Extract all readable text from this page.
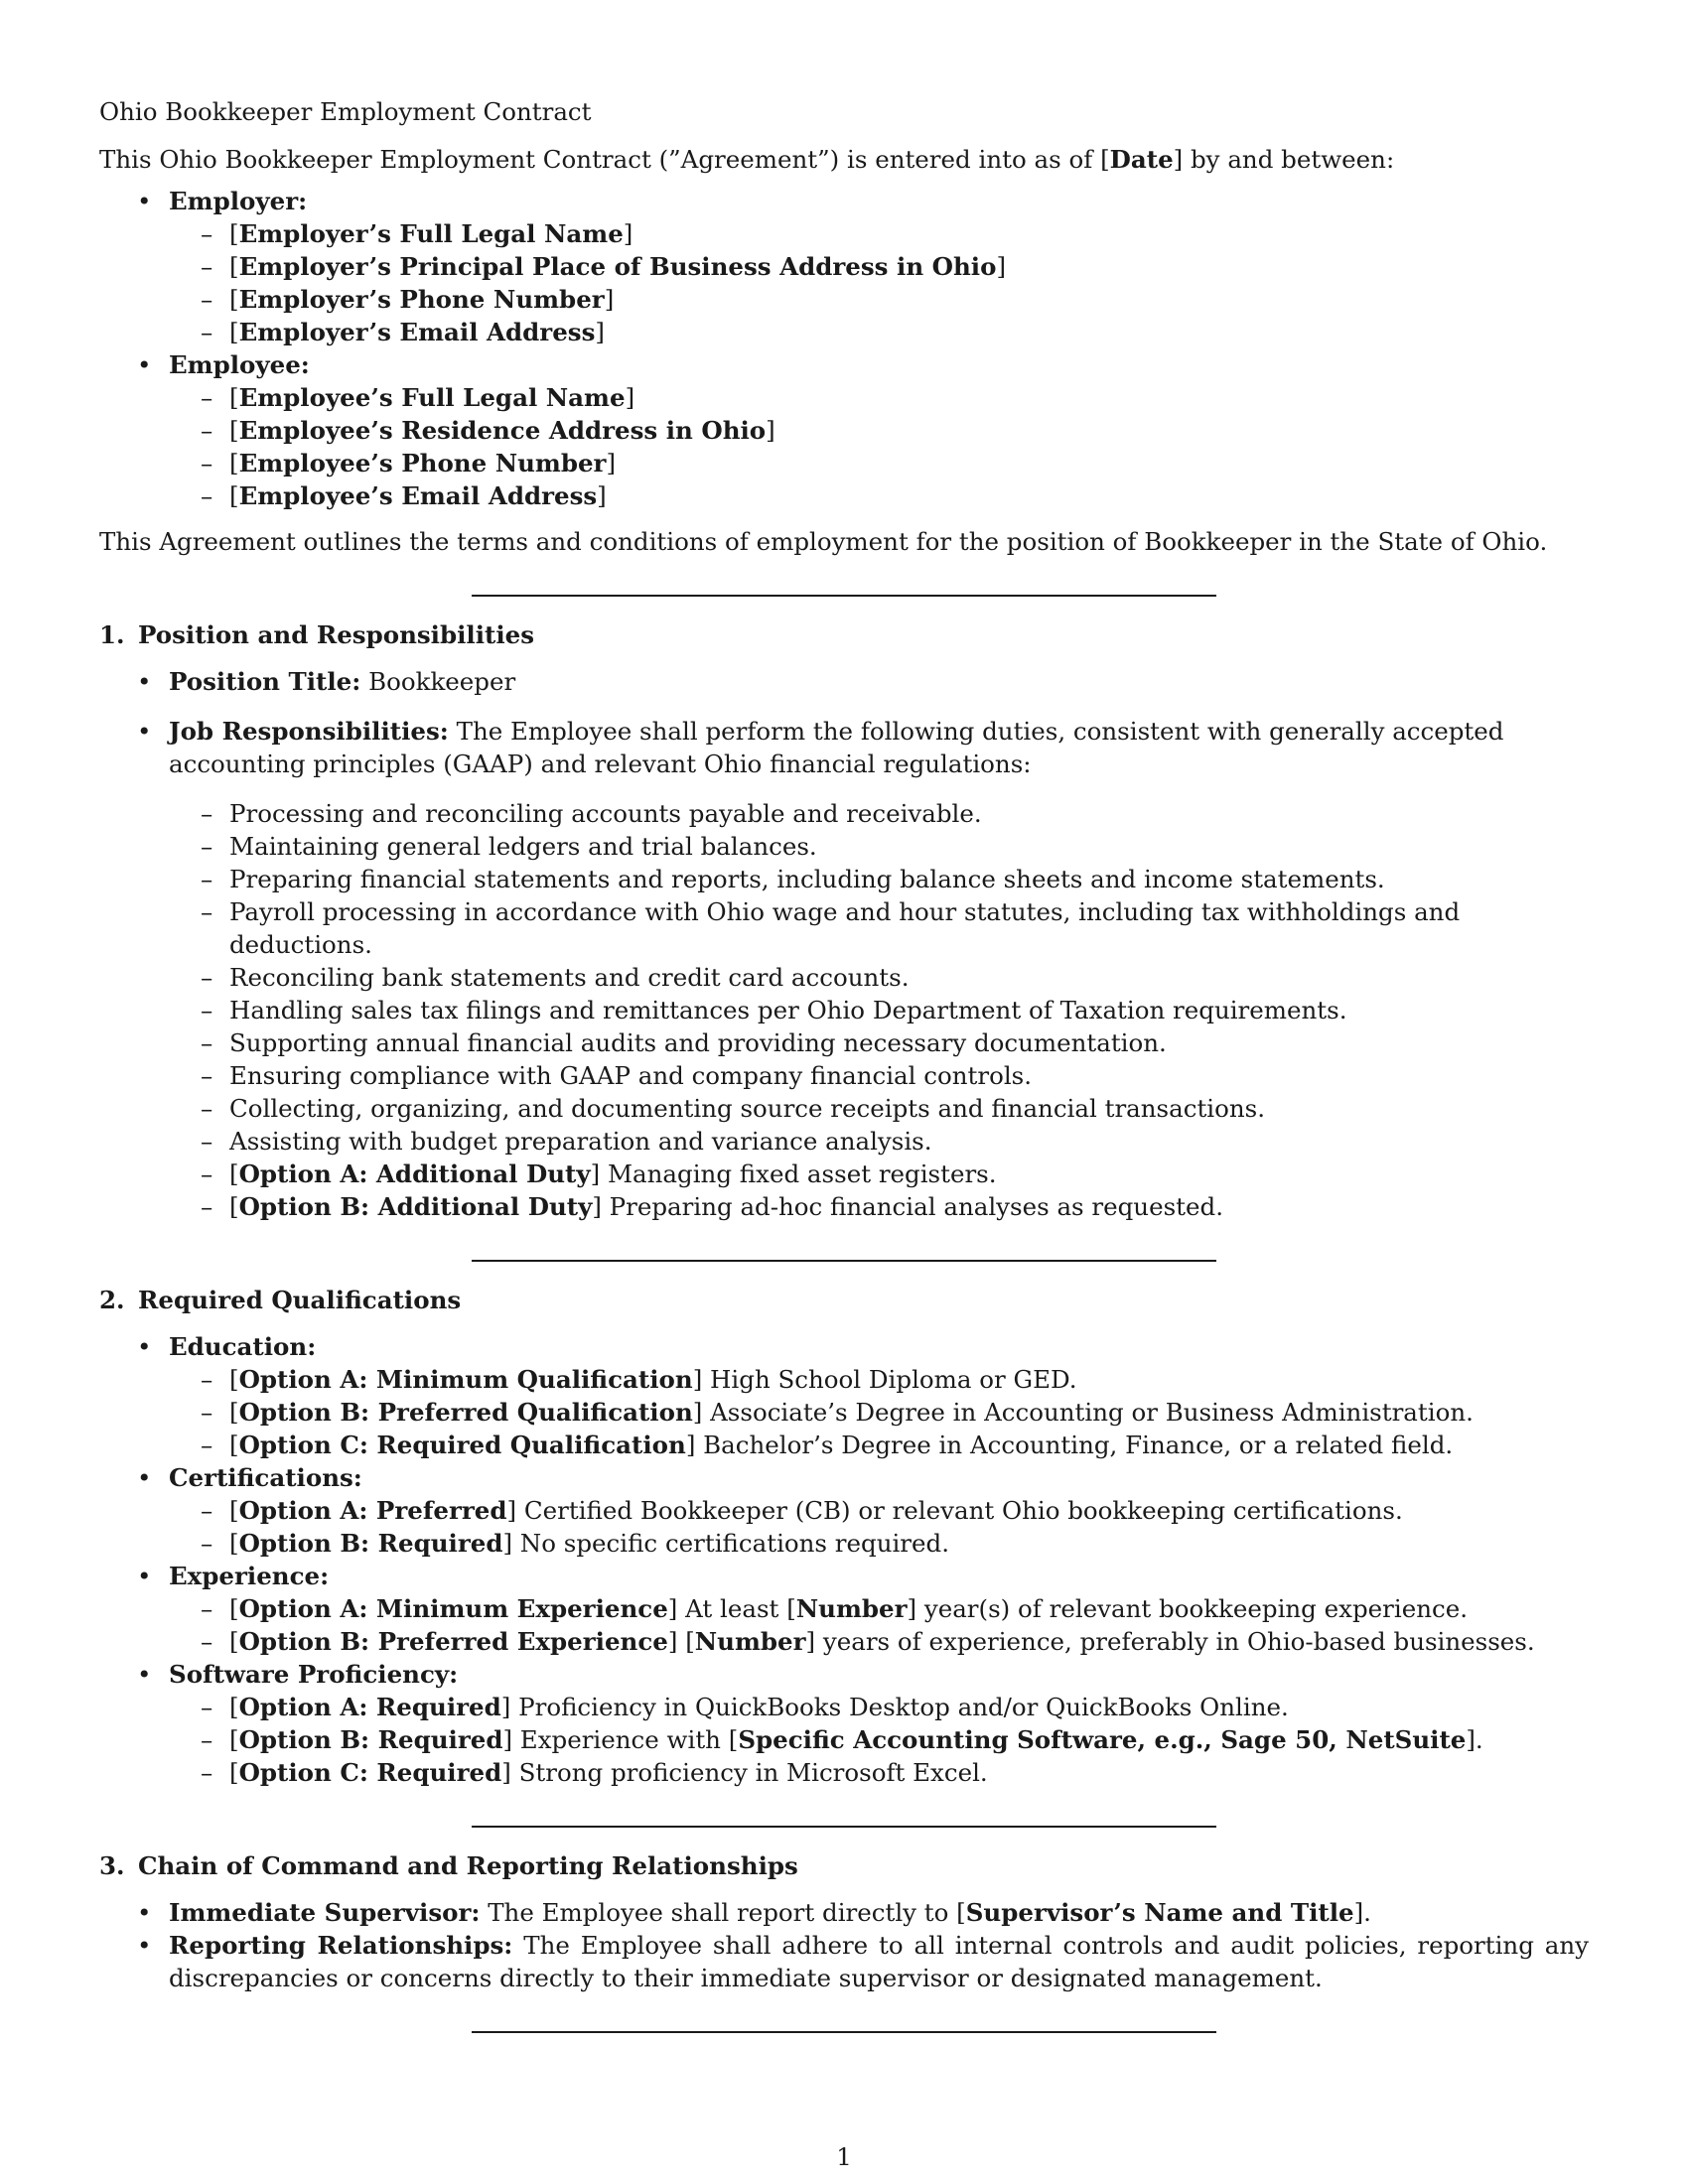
Ohio Bookkeeper Employment Contract

This Ohio Bookkeeper Employment Contract (”Agreement”) is entered into as of [Date] by and between:

• Employer:
– [Employer’s Full Legal Name]
– [Employer’s Principal Place of Business Address in Ohio]
– [Employer’s Phone Number]
– [Employer’s Email Address]
• Employee:
– [Employee’s Full Legal Name]
– [Employee’s Residence Address in Ohio]
– [Employee’s Phone Number]
– [Employee’s Email Address]

This Agreement outlines the terms and conditions of employment for the position of Bookkeeper in the State of Ohio.

1. Position and Responsibilities

• Position Title: Bookkeeper
• Job Responsibilities: The Employee shall perform the following duties, consistent with generally accepted accounting principles (GAAP) and relevant Ohio financial regulations:
– Processing and reconciling accounts payable and receivable.
– Maintaining general ledgers and trial balances.
– Preparing financial statements and reports, including balance sheets and income statements.
– Payroll processing in accordance with Ohio wage and hour statutes, including tax withholdings and deductions.
– Reconciling bank statements and credit card accounts.
– Handling sales tax filings and remittances per Ohio Department of Taxation requirements.
– Supporting annual financial audits and providing necessary documentation.
– Ensuring compliance with GAAP and company financial controls.
– Collecting, organizing, and documenting source receipts and financial transactions.
– Assisting with budget preparation and variance analysis.
– [Option A: Additional Duty] Managing fixed asset registers.
– [Option B: Additional Duty] Preparing ad-hoc financial analyses as requested.

2. Required Qualifications

• Education:
– [Option A: Minimum Qualification] High School Diploma or GED.
– [Option B: Preferred Qualification] Associate’s Degree in Accounting or Business Administration.
– [Option C: Required Qualification] Bachelor’s Degree in Accounting, Finance, or a related field.
• Certifications:
– [Option A: Preferred] Certified Bookkeeper (CB) or relevant Ohio bookkeeping certifications.
– [Option B: Required] No specific certifications required.
• Experience:
– [Option A: Minimum Experience] At least [Number] year(s) of relevant bookkeeping experience.
– [Option B: Preferred Experience] [Number] years of experience, preferably in Ohio-based businesses.
• Software Proficiency:
– [Option A: Required] Proficiency in QuickBooks Desktop and/or QuickBooks Online.
– [Option B: Required] Experience with [Specific Accounting Software, e.g., Sage 50, NetSuite].
– [Option C: Required] Strong proficiency in Microsoft Excel.

3. Chain of Command and Reporting Relationships

• Immediate Supervisor: The Employee shall report directly to [Supervisor’s Name and Title].
• Reporting Relationships: The Employee shall adhere to all internal controls and audit policies, reporting any discrepancies or concerns directly to their immediate supervisor or designated management.
1
